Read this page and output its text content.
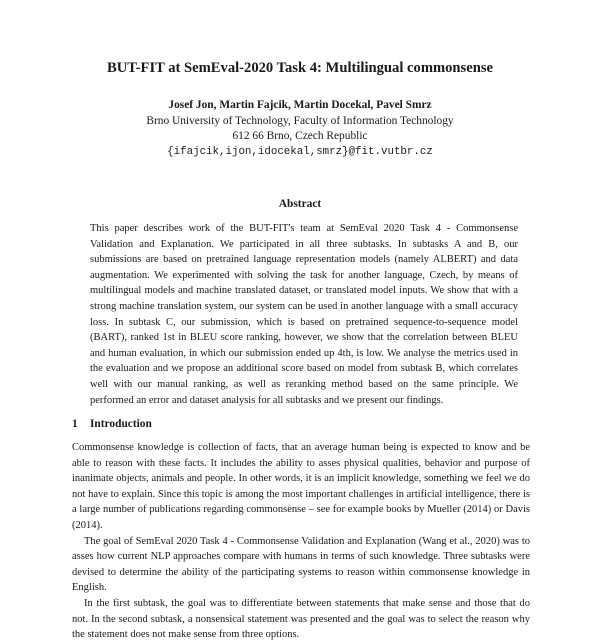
BUT-FIT at SemEval-2020 Task 4: Multilingual commonsense
Josef Jon, Martin Fajcik, Martin Docekal, Pavel Smrz
Brno University of Technology, Faculty of Information Technology
612 66 Brno, Czech Republic
{ifajcik,ijon,idocekal,smrz}@fit.vutbr.cz
Abstract

This paper describes work of the BUT-FIT's team at SemEval 2020 Task 4 - Commonsense Validation and Explanation. We participated in all three subtasks. In subtasks A and B, our submissions are based on pretrained language representation models (namely ALBERT) and data augmentation. We experimented with solving the task for another language, Czech, by means of multilingual models and machine translated dataset, or translated model inputs. We show that with a strong machine translation system, our system can be used in another language with a small accuracy loss. In subtask C, our submission, which is based on pretrained sequence-to-sequence model (BART), ranked 1st in BLEU score ranking, however, we show that the correlation between BLEU and human evaluation, in which our submission ended up 4th, is low. We analyse the metrics used in the evaluation and we propose an additional score based on model from subtask B, which correlates well with our manual ranking, as well as reranking method based on the same principle. We performed an error and dataset analysis for all subtasks and we present our findings.

1 Introduction

Commonsense knowledge is collection of facts, that an average human being is expected to know and be able to reason with these facts. It includes the ability to asses physical qualities, behavior and purpose of inanimate objects, animals and people. In other words, it is an implicit knowledge, something we feel we do not have to explain. Since this topic is among the most important challenges in artificial intelligence, there is a large number of publications regarding commonsense – see for example books by Mueller (2014) or Davis (2014).

The goal of SemEval 2020 Task 4 - Commonsense Validation and Explanation (Wang et al., 2020) was to asses how current NLP approaches compare with humans in terms of such knowledge. Three subtasks were devised to determine the ability of the participating systems to reason within commonsense knowledge in English.

In the first subtask, the goal was to differentiate between statements that make sense and those that do not. In the second subtask, a nonsensical statement was presented and the goal was to select the reason why the statement does not make sense from three options.
